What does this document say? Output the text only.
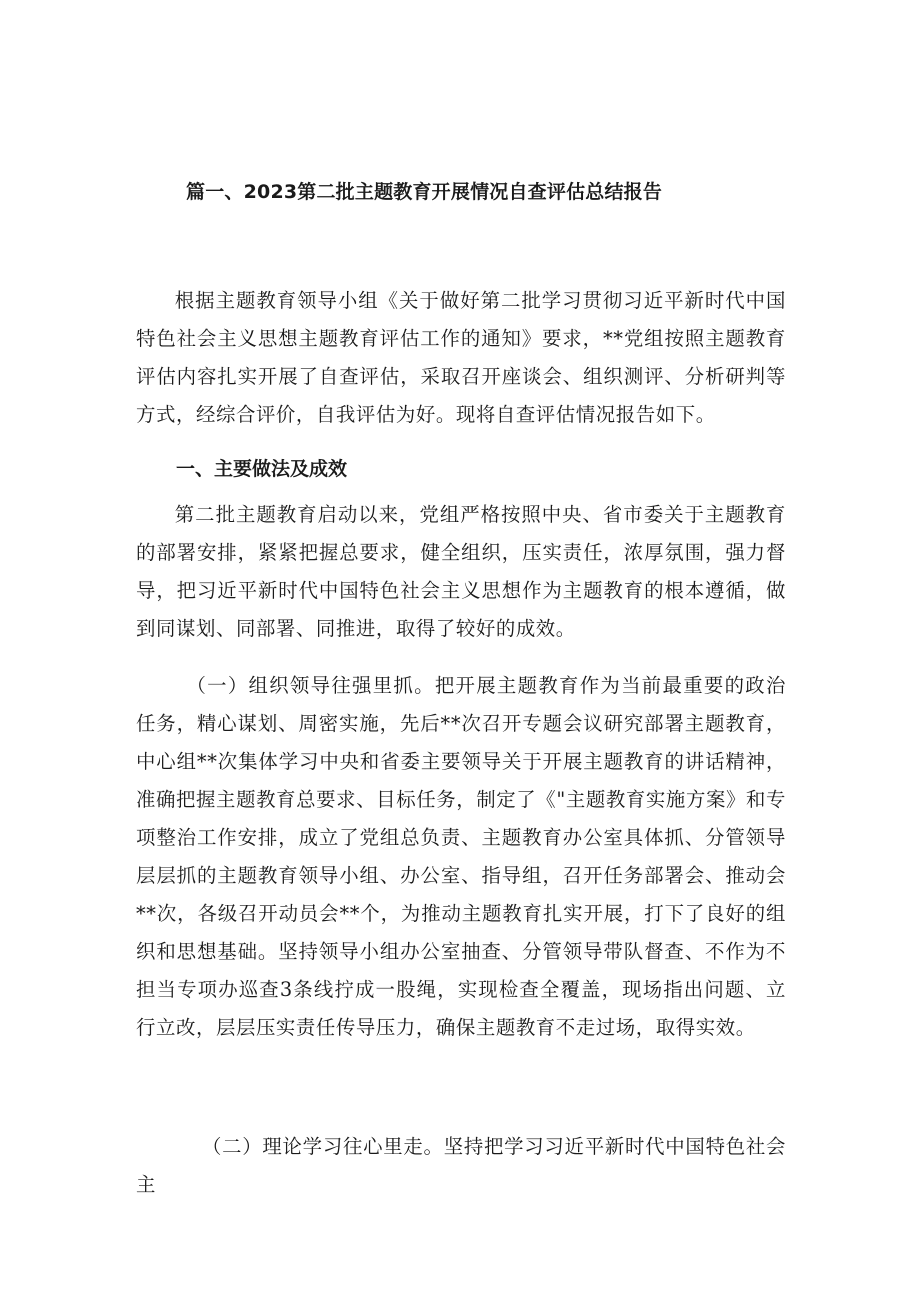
篇一、2023第二批主题教育开展情况自查评估总结报告

根据主题教育领导小组《关于做好第二批学习贯彻习近平新时代中国特色社会主义思想主题教育评估工作的通知》要求，**党组按照主题教育评估内容扎实开展了自查评估，采取召开座谈会、组织测评、分析研判等方式，经综合评价，自我评估为好。现将自查评估情况报告如下。

一、主要做法及成效

第二批主题教育启动以来，党组严格按照中央、省市委关于主题教育的部署安排，紧紧把握总要求，健全组织，压实责任，浓厚氛围，强力督导，把习近平新时代中国特色社会主义思想作为主题教育的根本遵循，做到同谋划、同部署、同推进，取得了较好的成效。

（一）组织领导往强里抓。把开展主题教育作为当前最重要的政治任务，精心谋划、周密实施，先后**次召开专题会议研究部署主题教育，中心组**次集体学习中央和省委主要领导关于开展主题教育的讲话精神，准确把握主题教育总要求、目标任务，制定了《"主题教育实施方案》和专项整治工作安排，成立了党组总负责、主题教育办公室具体抓、分管领导层层抓的主题教育领导小组、办公室、指导组，召开任务部署会、推动会**次，各级召开动员会**个，为推动主题教育扎实开展，打下了良好的组织和思想基础。坚持领导小组办公室抽查、分管领导带队督查、不作为不担当专项办巡查3条线拧成一股绳，实现检查全覆盖，现场指出问题、立行立改，层层压实责任传导压力，确保主题教育不走过场，取得实效。

（二）理论学习往心里走。坚持把学习习近平新时代中国特色社会主
